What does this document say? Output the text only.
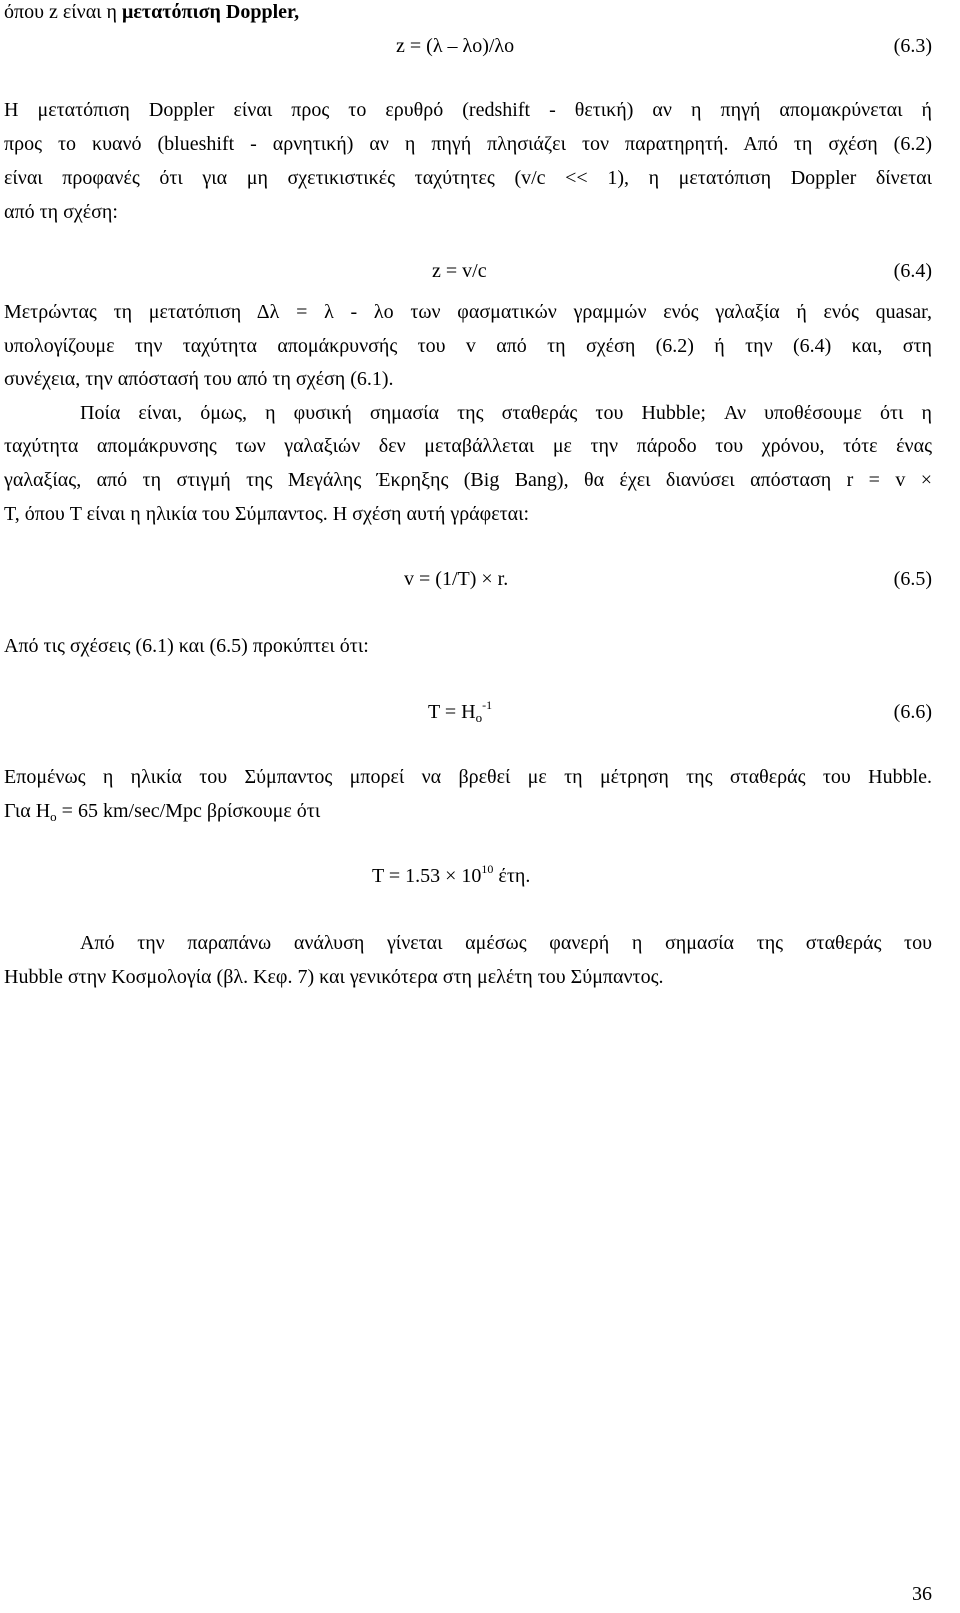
όπου z είναι η μετατόπιση Doppler,
z = (λ – λο)/λο	(6.3)
Η μετατόπιση Doppler είναι προς το ερυθρό (redshift - θετική) αν η πηγή απομακρύνεται ή
προς το κυανό (blueshift - αρνητική) αν η πηγή πλησιάζει τον παρατηρητή. Από τη σχέση (6.2)
είναι προφανές ότι για μη σχετικιστικές ταχύτητες (v/c << 1), η μετατόπιση Doppler δίνεται
από τη σχέση:
z = v/c	(6.4)
Μετρώντας τη μετατόπιση Δλ = λ - λο των φασματικών γραμμών ενός γαλαξία ή ενός quasar,
υπολογίζουμε την ταχύτητα απομάκρυνσής του v από τη σχέση (6.2) ή την (6.4) και, στη
συνέχεια, την απόστασή του από τη σχέση (6.1).
Ποία είναι, όμως, η φυσική σημασία της σταθεράς του Hubble; Αν υποθέσουμε ότι η
ταχύτητα απομάκρυνσης των γαλαξιών δεν μεταβάλλεται με την πάροδο του χρόνου, τότε ένας
γαλαξίας, από τη στιγμή της Μεγάλης Έκρηξης (Big Bang), θα έχει διανύσει απόσταση r = v ×
T, όπου T είναι η ηλικία του Σύμπαντος. Η σχέση αυτή γράφεται:
v = (1/T) × r.	(6.5)
Από τις σχέσεις (6.1) και (6.5) προκύπτει ότι:
$T = H_o^{-1}$	(6.6)
Επομένως η ηλικία του Σύμπαντος μπορεί να βρεθεί με τη μέτρηση της σταθεράς του Hubble.
Για $H_o = 65$ km/sec/Mpc βρίσκουμε ότι
$T = 1.53 \times 10^{10}$ έτη.
Από την παραπάνω ανάλυση γίνεται αμέσως φανερή η σημασία της σταθεράς του
Hubble στην Κοσμολογία (βλ. Κεφ. 7) και γενικότερα στη μελέτη του Σύμπαντος.
36
